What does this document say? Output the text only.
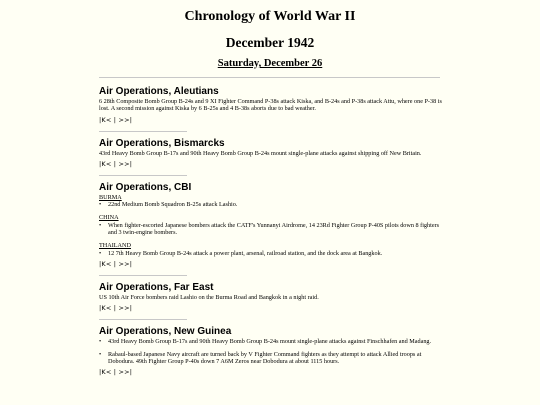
Chronology of World War II
December 1942
Saturday, December 26
Air Operations, Aleutians

6 28th Composite Bomb Group B-24s and 9 XI Fighter Command P-38s attack Kiska, and B-24s and P-38s attack Attu, where one P-38 is lost. A second mission against Kiska by 6 B-25s and 4 B-38s aborts due to bad weather.

|K< | >>|
Air Operations, Bismarcks

43rd Heavy Bomb Group B-17s and 90th Heavy Bomb Group B-24s mount single-plane attacks against shipping off New Britain.

|K< | >>|
Air Operations, CBI
BURMA
•	22nd Medium Bomb Squadron B-25s attack Lashio.
CHINA
•	When fighter-escorted Japanese bombers attack the CATF's Yunnanyi Airdrome, 14 23Rd Fighter Group P-40S pilots down 8 fighters and 3 twin-engine bombers.
THAILAND
•	12 7th Heavy Bomb Group B-24s attack a power plant, arsenal, railroad station, and the dock area at Bangkok.
|K< | >>|
Air Operations, Far East

US 10th Air Force bombers raid Lashio on the Burma Road and Bangkok in a night raid.

|K< | >>|
Air Operations, New Guinea
•	43rd Heavy Bomb Group B-17s and 90th Heavy Bomb Group B-24s mount single-plane attacks against Finschhafen and Madang.
•	Rabaul-based Japanese Navy aircraft are turned back by V Fighter Command fighters as they attempt to attack Allied troops at Dobodura. 49th Fighter Group P-40s down 7 A6M Zeros near Dobodura at about 1115 hours.
|K< | >>|
